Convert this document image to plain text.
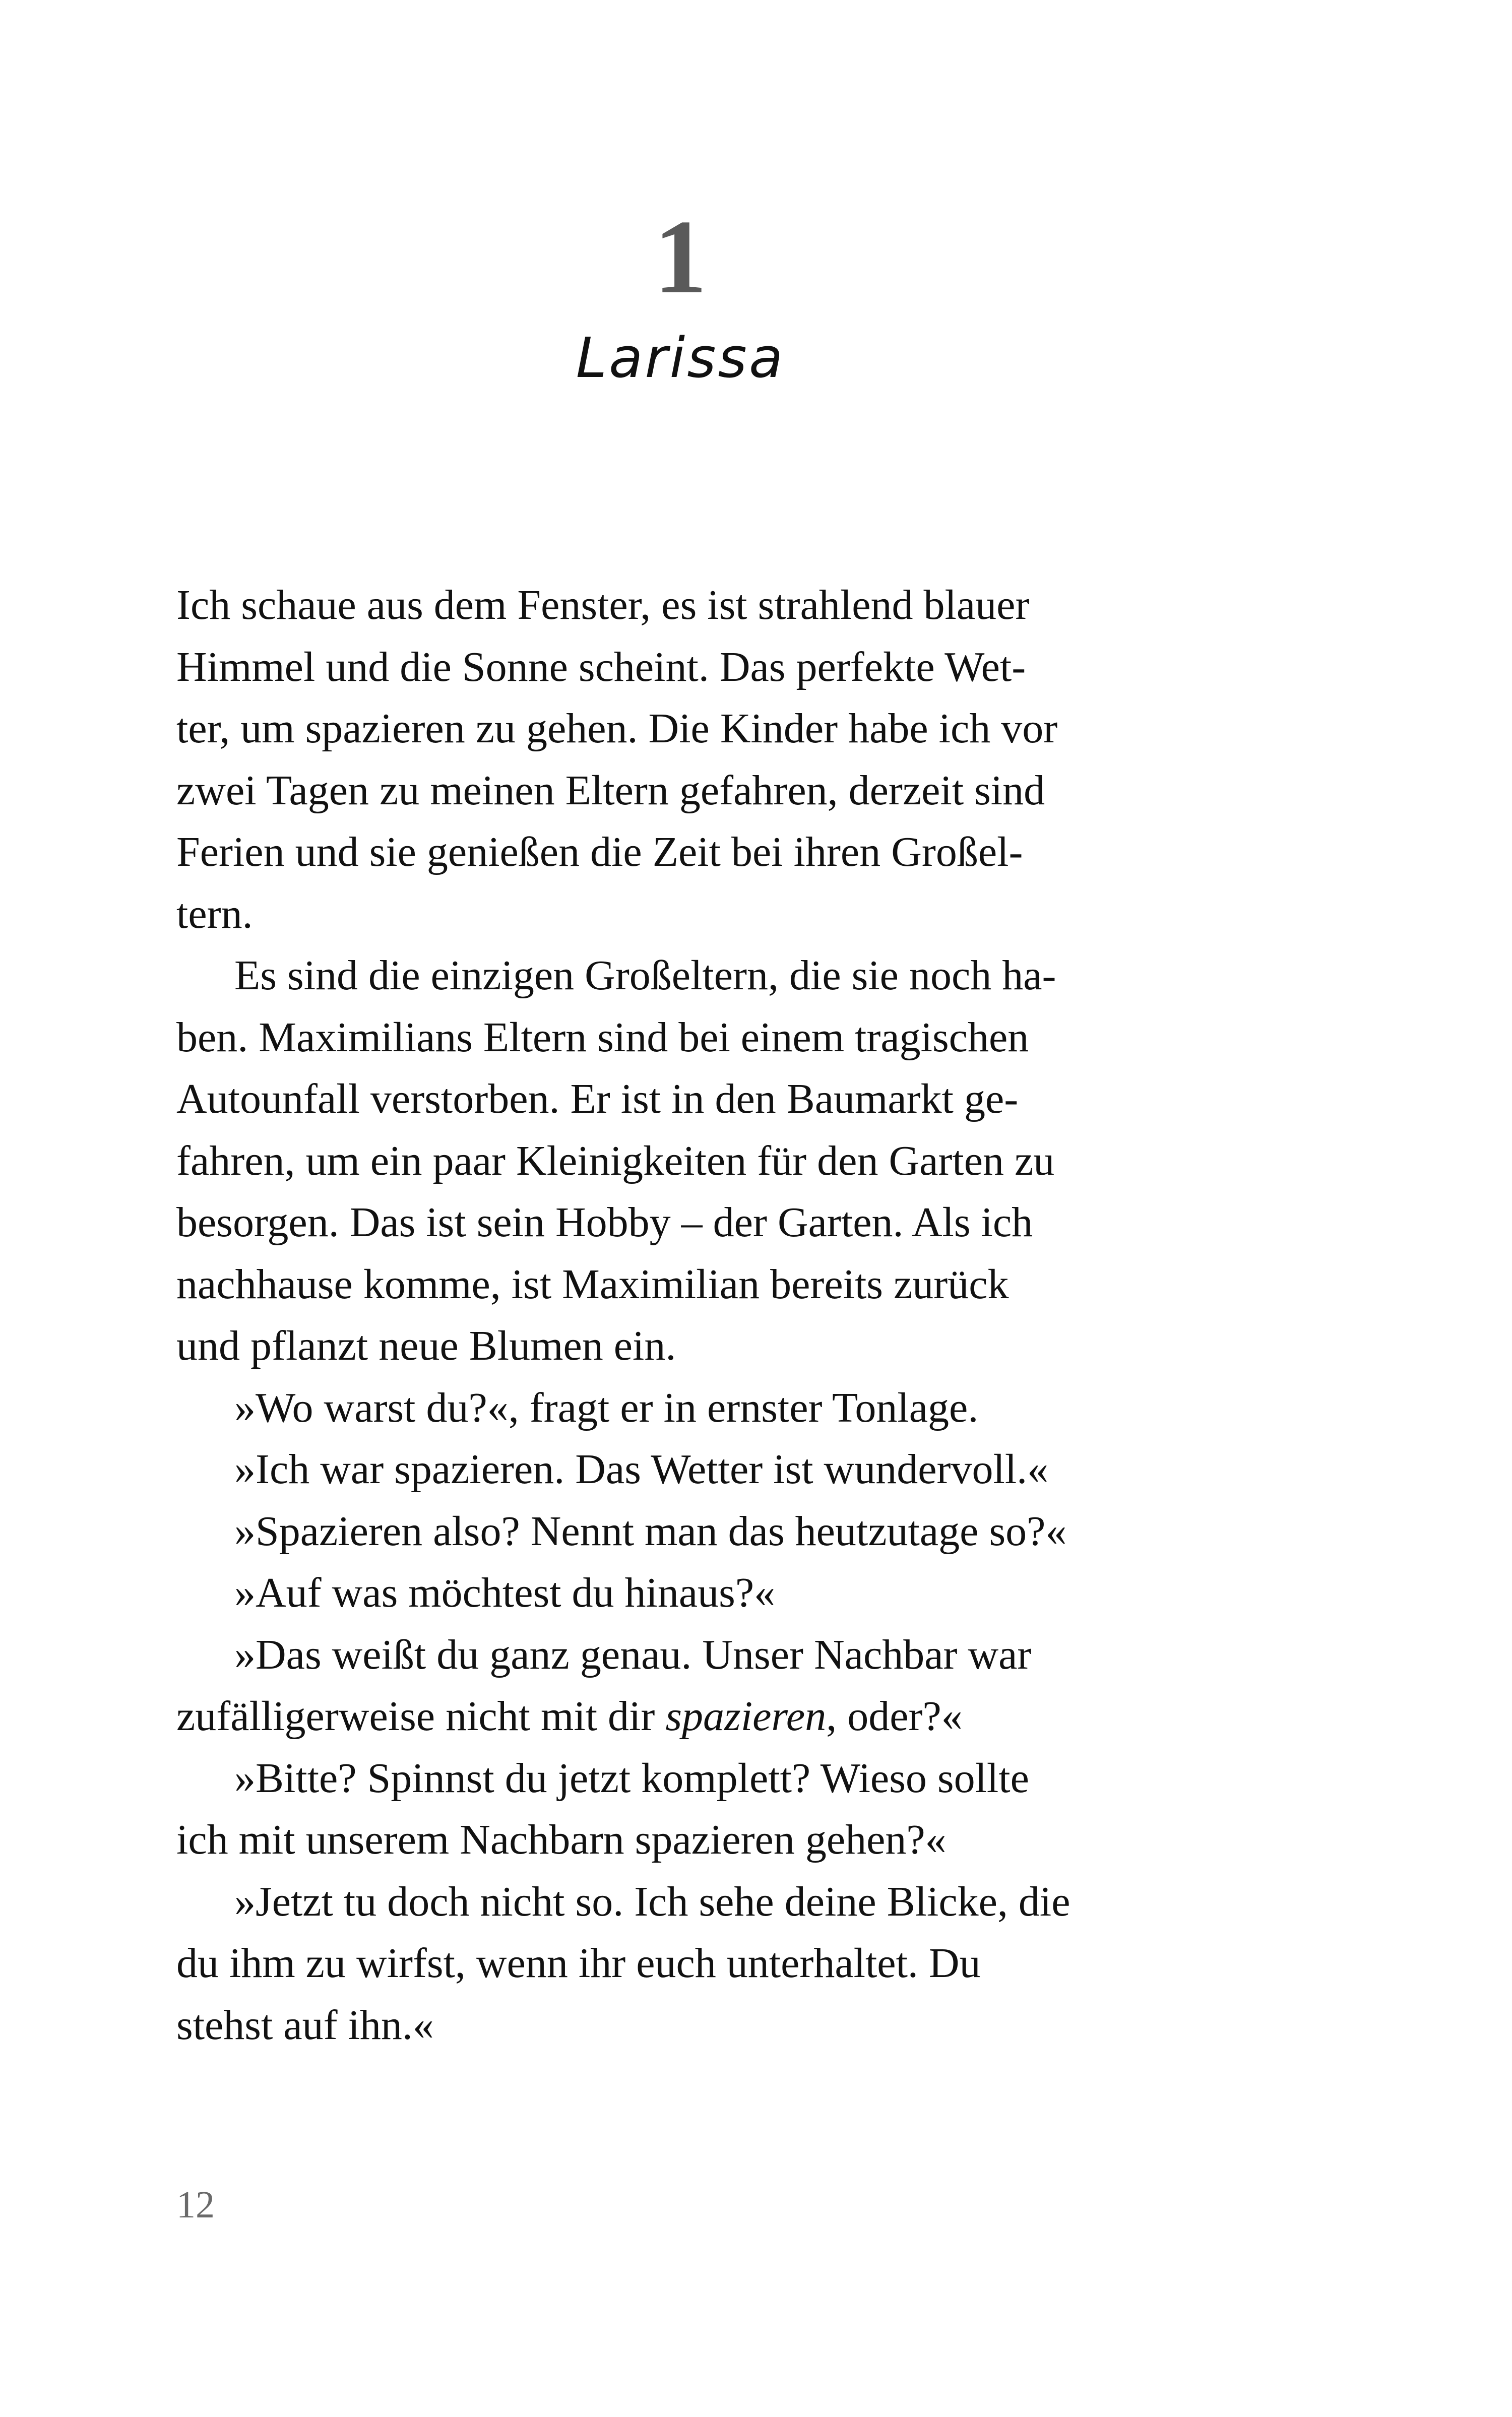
1
Larissa
Ich schaue aus dem Fenster, es ist strahlend blauer
Himmel und die Sonne scheint. Das perfekte Wet-
ter, um spazieren zu gehen. Die Kinder habe ich vor
zwei Tagen zu meinen Eltern gefahren, derzeit sind
Ferien und sie genießen die Zeit bei ihren Großel-
tern.
Es sind die einzigen Großeltern, die sie noch ha-
ben. Maximilians Eltern sind bei einem tragischen
Autounfall verstorben. Er ist in den Baumarkt ge-
fahren, um ein paar Kleinigkeiten für den Garten zu
besorgen. Das ist sein Hobby – der Garten. Als ich
nachhause komme, ist Maximilian bereits zurück
und pflanzt neue Blumen ein.
»Wo warst du?«, fragt er in ernster Tonlage.
»Ich war spazieren. Das Wetter ist wundervoll.«
»Spazieren also? Nennt man das heutzutage so?«
»Auf was möchtest du hinaus?«
»Das weißt du ganz genau. Unser Nachbar war
zufälligerweise nicht mit dir spazieren, oder?«
»Bitte? Spinnst du jetzt komplett? Wieso sollte
ich mit unserem Nachbarn spazieren gehen?«
»Jetzt tu doch nicht so. Ich sehe deine Blicke, die
du ihm zu wirfst, wenn ihr euch unterhaltet. Du
stehst auf ihn.«
12
